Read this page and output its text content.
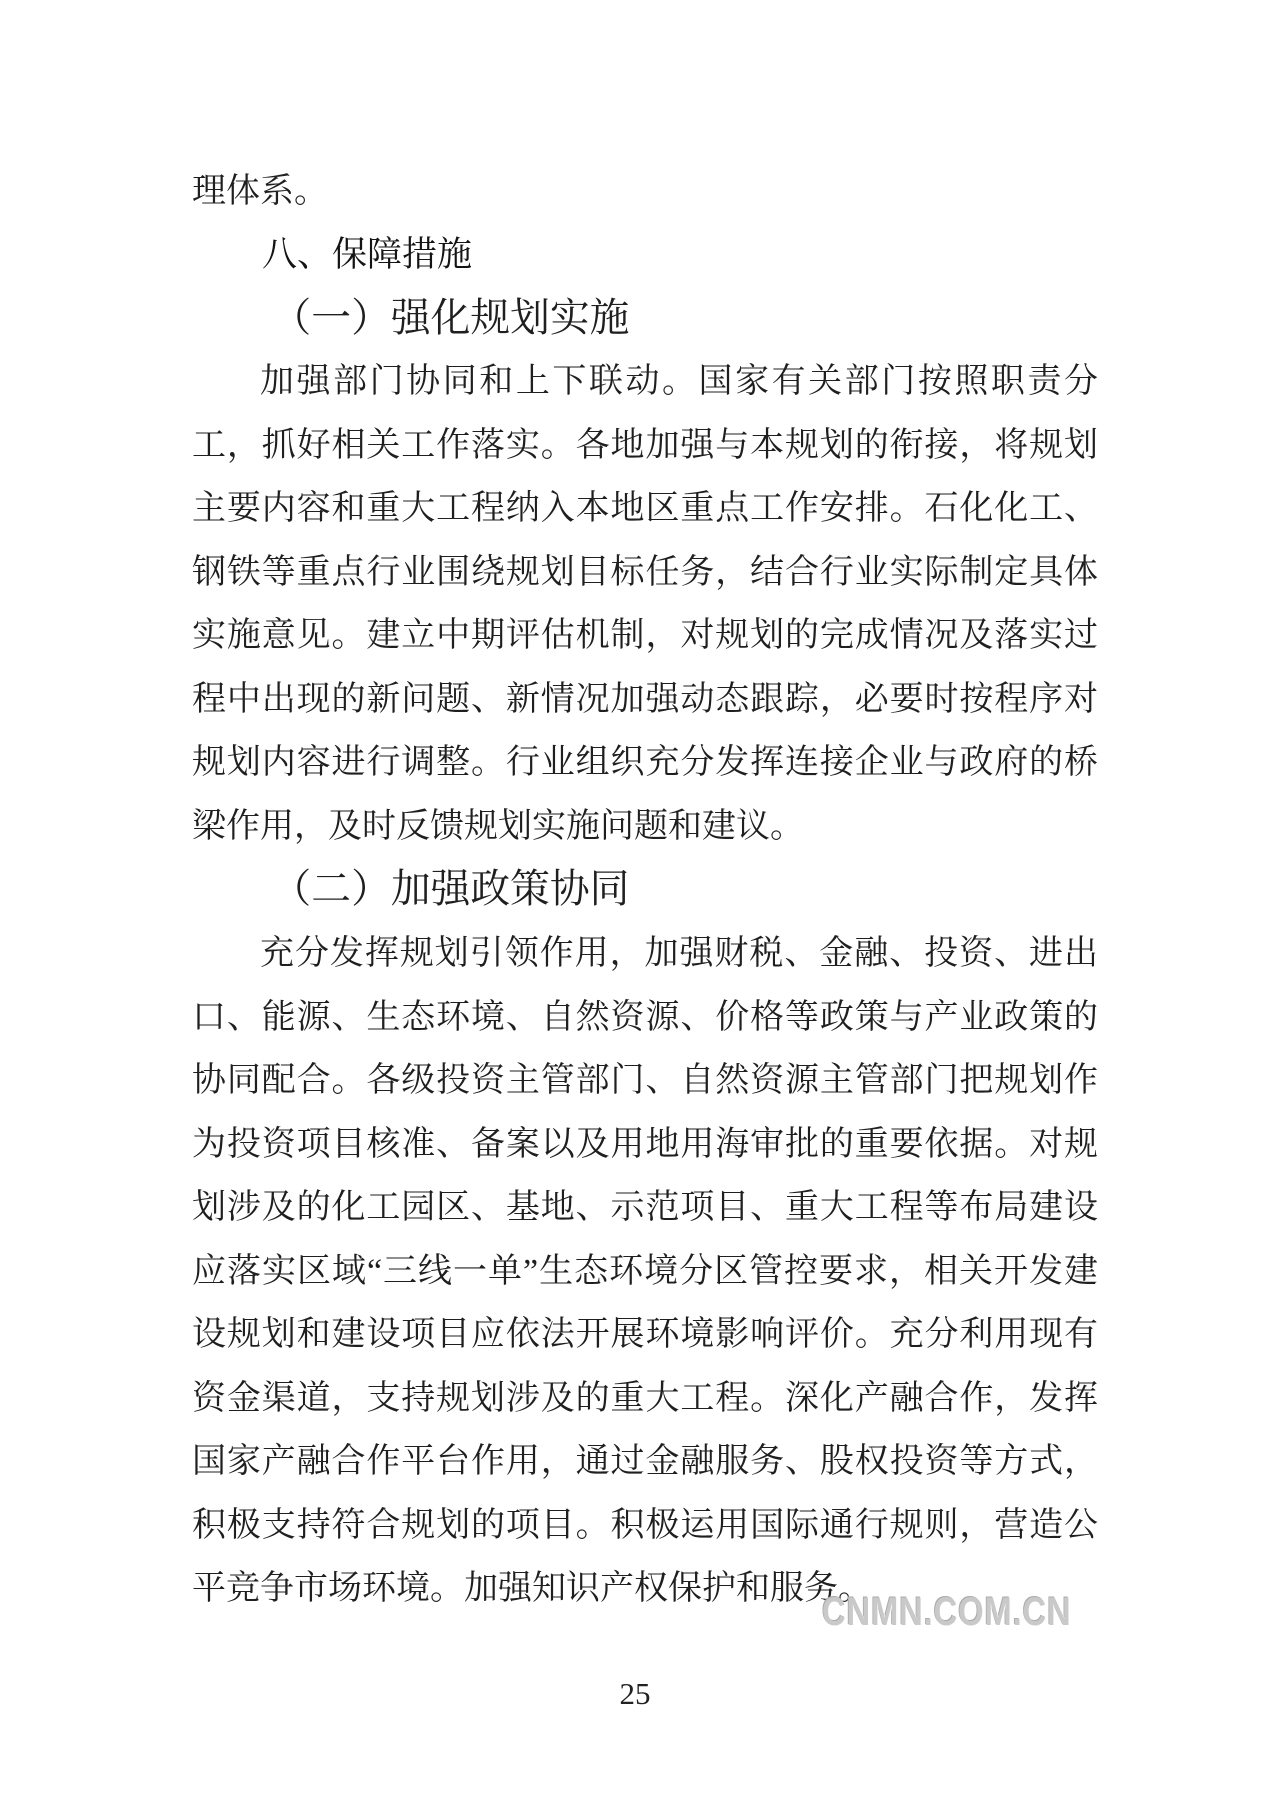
理体系。

八、保障措施
（一）强化规划实施

加强部门协同和上下联动。国家有关部门按照职责分工，抓好相关工作落实。各地加强与本规划的衔接，将规划主要内容和重大工程纳入本地区重点工作安排。石化化工、钢铁等重点行业围绕规划目标任务，结合行业实际制定具体实施意见。建立中期评估机制，对规划的完成情况及落实过程中出现的新问题、新情况加强动态跟踪，必要时按程序对规划内容进行调整。行业组织充分发挥连接企业与政府的桥梁作用，及时反馈规划实施问题和建议。

（二）加强政策协同

充分发挥规划引领作用，加强财税、金融、投资、进出口、能源、生态环境、自然资源、价格等政策与产业政策的协同配合。各级投资主管部门、自然资源主管部门把规划作为投资项目核准、备案以及用地用海审批的重要依据。对规划涉及的化工园区、基地、示范项目、重大工程等布局建设应落实区域“三线一单”生态环境分区管控要求，相关开发建设规划和建设项目应依法开展环境影响评价。充分利用现有资金渠道，支持规划涉及的重大工程。深化产融合作，发挥国家产融合作平台作用，通过金融服务、股权投资等方式，积极支持符合规划的项目。积极运用国际通行规则，营造公平竞争市场环境。加强知识产权保护和服务。

CNMN.COM.CN
25
